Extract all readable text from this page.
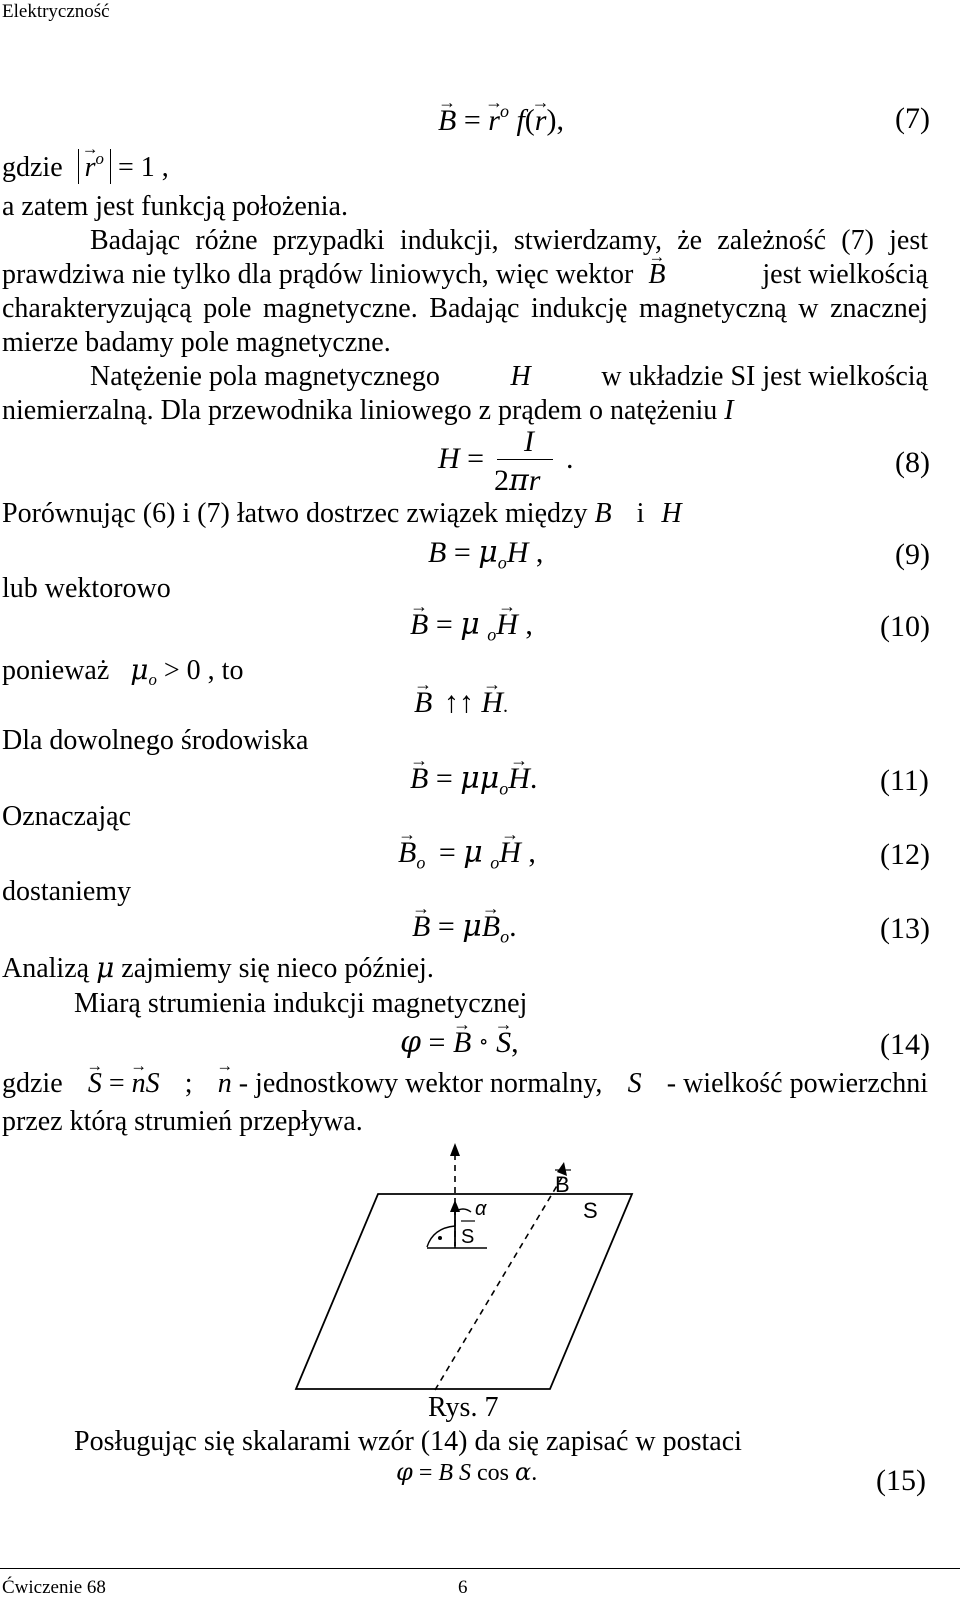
Elektryczność
→ B = → $r^o$ f(→ r),	(7)
gdzie → $r^o = 1$ ,
a zatem jest funkcją położenia.
Badając różne przypadki indukcji, stwierdzamy, że zależność (7) jest
prawdziwa nie tylko dla prądów liniowych, więc wektor → B	jest wielkością
charakteryzującą pole magnetyczne. Badając indukcję magnetyczną w znacznej
mierze badamy pole magnetyczne.
Natężenie pola magnetycznego	H	w układzie SI jest wielkością
niemierzalną. Dla przewodnika liniowego z prądem o natężeniu I
H =
I
2πr
.	(8)
Porównując (6) i (7) łatwo dostrzec związek między B i H
$B = \mu_oH$ ,	(9)
lub wektorowo
→ B = μ $_o$→ H ,	(10)
ponieważ $\mu_o > 0$ , to
→ B ↑↑ → H.
Dla dowolnego środowiska
→ $B = \mu\mu_o\to H$.	(11)
Oznaczając
→ $B_o = \mu$ $_o$→ H ,	(12)
dostaniemy
→ $B = \mu\to B_o$.	(13)
Analizą μ zajmiemy się nieco później.
Miarą strumienia indukcji magnetycznej
φ = → B ∘ → S,	(14)
gdzie → S = → nS ; → n - jednostkowy wektor normalny, S - wielkość powierzchni
przez którą strumień przepływa.
B
S
S
α
Rys. 7
Posługując się skalarami wzór (14) da się zapisać w postaci
φ = B S cos α.	(15)
Ćwiczenie 68	6
